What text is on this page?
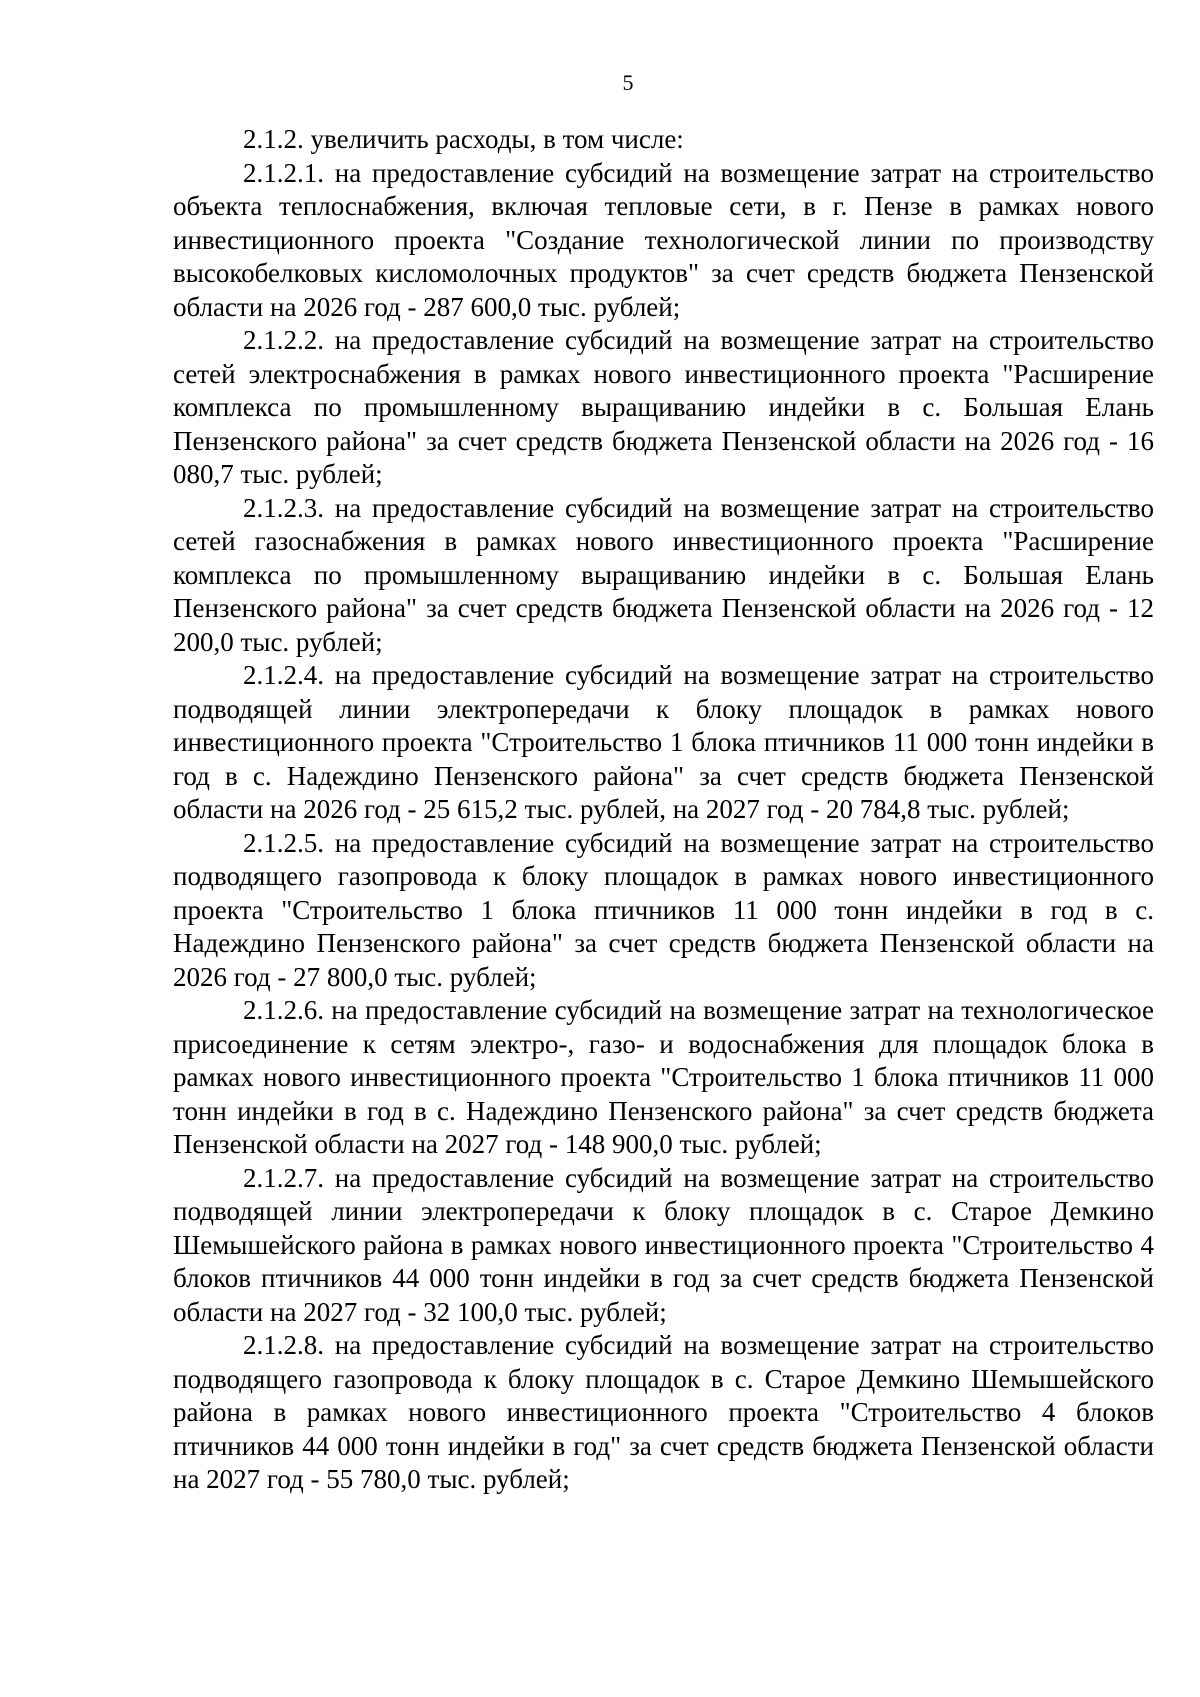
5

2.1.2. увеличить расходы, в том числе:

2.1.2.1. на предоставление субсидий на возмещение затрат на строительство объекта теплоснабжения, включая тепловые сети, в г. Пензе в рамках нового инвестиционного проекта "Создание технологической линии по производству высокобелковых кисломолочных продуктов" за счет средств бюджета Пензенской области на 2026 год - 287 600,0 тыс. рублей;

2.1.2.2. на предоставление субсидий на возмещение затрат на строительство сетей электроснабжения в рамках нового инвестиционного проекта "Расширение комплекса по промышленному выращиванию индейки в с. Большая Елань Пензенского района" за счет средств бюджета Пензенской области на 2026 год - 16 080,7 тыс. рублей;

2.1.2.3. на предоставление субсидий на возмещение затрат на строительство сетей газоснабжения в рамках нового инвестиционного проекта "Расширение комплекса по промышленному выращиванию индейки в с. Большая Елань Пензенского района" за счет средств бюджета Пензенской области на 2026 год - 12 200,0 тыс. рублей;

2.1.2.4. на предоставление субсидий на возмещение затрат на строительство подводящей линии электропередачи к блоку площадок в рамках нового инвестиционного проекта "Строительство 1 блока птичников 11 000 тонн индейки в год в с. Надеждино Пензенского района" за счет средств бюджета Пензенской области на 2026 год - 25 615,2 тыс. рублей, на 2027 год - 20 784,8 тыс. рублей;

2.1.2.5. на предоставление субсидий на возмещение затрат на строительство подводящего газопровода к блоку площадок в рамках нового инвестиционного проекта "Строительство 1 блока птичников 11 000 тонн индейки в год в с. Надеждино Пензенского района" за счет средств бюджета Пензенской области на 2026 год - 27 800,0 тыс. рублей;

2.1.2.6. на предоставление субсидий на возмещение затрат на технологическое присоединение к сетям электро-, газо- и водоснабжения для площадок блока в рамках нового инвестиционного проекта "Строительство 1 блока птичников 11 000 тонн индейки в год в с. Надеждино Пензенского района" за счет средств бюджета Пензенской области на 2027 год - 148 900,0 тыс. рублей;

2.1.2.7. на предоставление субсидий на возмещение затрат на строительство подводящей линии электропередачи к блоку площадок в с. Старое Демкино Шемышейского района в рамках нового инвестиционного проекта "Строительство 4 блоков птичников 44 000 тонн индейки в год за счет средств бюджета Пензенской области на 2027 год - 32 100,0 тыс. рублей;

2.1.2.8. на предоставление субсидий на возмещение затрат на строительство подводящего газопровода к блоку площадок в с. Старое Демкино Шемышейского района в рамках нового инвестиционного проекта "Строительство 4 блоков птичников 44 000 тонн индейки в год" за счет средств бюджета Пензенской области на 2027 год - 55 780,0 тыс. рублей;
